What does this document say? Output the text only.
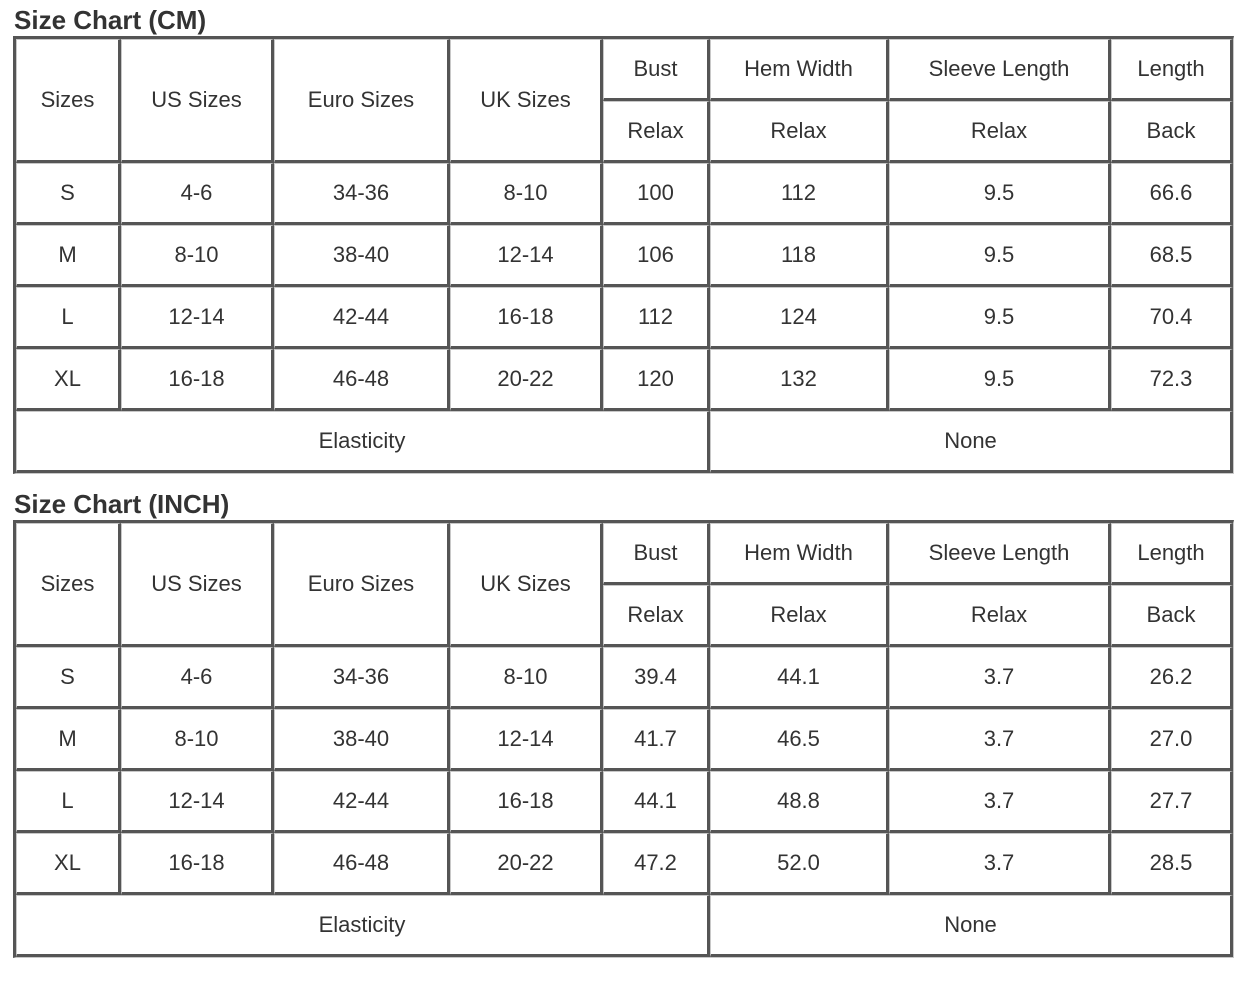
Size Chart (CM)
Sizes	US Sizes	Euro Sizes	UK Sizes	Bust	Hem Width	Sleeve Length	Length
				Relax	Relax	Relax	Back
S	4-6	34-36	8-10	100	112	9.5	66.6
M	8-10	38-40	12-14	106	118	9.5	68.5
L	12-14	42-44	16-18	112	124	9.5	70.4
XL	16-18	46-48	20-22	120	132	9.5	72.3
Elasticity					None		
Size Chart (INCH)
Sizes	US Sizes	Euro Sizes	UK Sizes	Bust	Hem Width	Sleeve Length	Length
				Relax	Relax	Relax	Back
S	4-6	34-36	8-10	39.4	44.1	3.7	26.2
M	8-10	38-40	12-14	41.7	46.5	3.7	27.0
L	12-14	42-44	16-18	44.1	48.8	3.7	27.7
XL	16-18	46-48	20-22	47.2	52.0	3.7	28.5
Elasticity					None		
